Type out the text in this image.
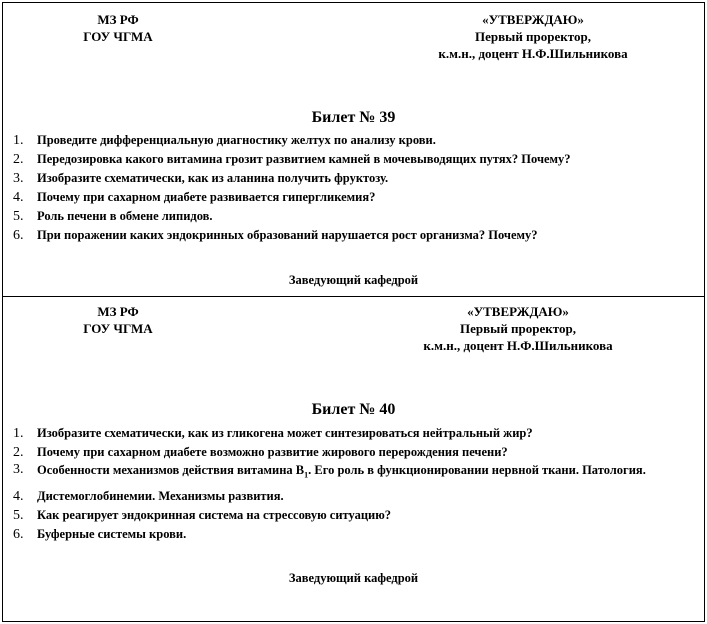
МЗ РФ
ГОУ ЧГМА
«УТВЕРЖДАЮ»
Первый проректор,
к.м.н., доцент Н.Ф.Шильникова
Билет № 39
1. Проведите дифференциальную диагностику желтух по анализу крови.
2. Передозировка какого витамина грозит развитием камней в мочевыводящих путях? Почему?
3. Изобразите схематически, как из аланина получить фруктозу.
4. Почему при сахарном диабете развивается гипергликемия?
5. Роль печени в обмене липидов.
6. При поражении каких эндокринных образований нарушается рост организма? Почему?
Заведующий кафедрой
МЗ РФ
ГОУ ЧГМА
«УТВЕРЖДАЮ»
Первый проректор,
к.м.н., доцент Н.Ф.Шильникова
Билет № 40
1. Изобразите схематически, как из гликогена может синтезироваться нейтральный жир?
2. Почему при сахарном диабете возможно развитие жирового перерождения печени?
3. Особенности механизмов действия витамина $В_1$. Его роль в функционировании нервной ткани. Патология.
4. Дистемоглобинемии. Механизмы развития.
5. Как реагирует эндокринная система на стрессовую ситуацию?
6. Буферные системы крови.
Заведующий кафедрой
